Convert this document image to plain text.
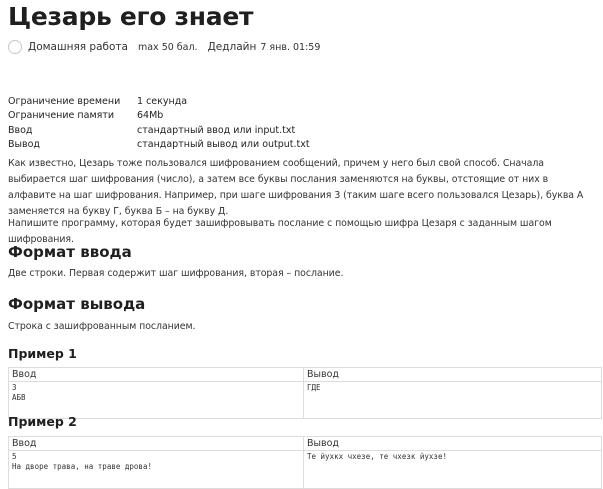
Цезарь его знает
Домашняя работа max 50 бал. Дедлайн 7 янв. 01:59
Ограничение времени	1 секунда
Ограничение памяти	64Mb
Ввод	стандартный ввод или input.txt
Вывод	стандартный вывод или output.txt

Как известно, Цезарь тоже пользовался шифрованием сообщений, причем у него был свой способ. Сначала выбирается шаг шифрования (число), а затем все буквы послания заменяются на буквы, отстоящие от них в алфавите на шаг шифрования. Например, при шаге шифрования 3 (таким шаге всего пользовался Цезарь), буква А заменяется на букву Г, буква Б – на букву Д.

Напишите программу, которая будет зашифровывать послание с помощью шифра Цезаря с заданным шагом шифрования.

Формат ввода

Две строки. Первая содержит шаг шифрования, вторая – послание.

Формат вывода

Строка с зашифрованным посланием.

Пример 1
Ввод	Вывод
3
АБВ	ГДЕ
Пример 2
Ввод	Вывод
5
На дворе трава, на траве дрова!	Те йухкх чхезе, те чхезк йухзе!
